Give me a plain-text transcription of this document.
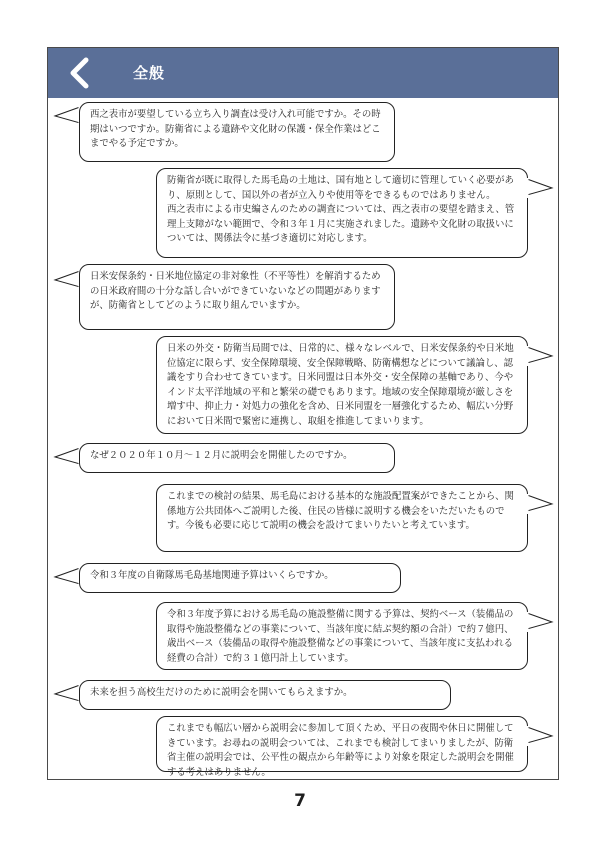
全般
西之表市が要望している立ち入り調査は受け入れ可能ですか。その時期はいつですか。防衛省による遺跡や文化財の保護・保全作業はどこまでやる予定ですか。
防衛省が既に取得した馬毛島の土地は、国有地として適切に管理していく必要があり、原則として、国以外の者が立入りや使用等をできるものではありません。
西之表市による市史編さんのための調査については、西之表市の要望を踏まえ、管理上支障がない範囲で、令和３年１月に実施されました。遺跡や文化財の取扱いについては、関係法令に基づき適切に対応します。
日米安保条約・日米地位協定の非対象性（不平等性）を解消するための日米政府間の十分な話し合いができていないなどの問題がありますが、防衛省としてどのように取り組んでいますか。
日米の外交・防衛当局間では、日常的に、様々なレベルで、日米安保条約や日米地位協定に限らず、安全保障環境、安全保障戦略、防衛構想などについて議論し、認識をすり合わせてきています。日米同盟は日本外交・安全保障の基軸であり、今やインド太平洋地域の平和と繁栄の礎でもあります。地域の安全保障環境が厳しさを増す中、抑止力・対処力の強化を含め、日米同盟を一層強化するため、幅広い分野において日米間で緊密に連携し、取組を推進してまいります。
なぜ２０２０年１０月～１２月に説明会を開催したのですか。
これまでの検討の結果、馬毛島における基本的な施設配置案ができたことから、関係地方公共団体へご説明した後、住民の皆様に説明する機会をいただいたものです。今後も必要に応じて説明の機会を設けてまいりたいと考えています。
令和３年度の自衛隊馬毛島基地関連予算はいくらですか。
令和３年度予算における馬毛島の施設整備に関する予算は、契約ベース（装備品の取得や施設整備などの事業について、当該年度に結ぶ契約額の合計）で約７億円、歳出ベース（装備品の取得や施設整備などの事業について、当該年度に支払われる経費の合計）で約３１億円計上しています。
未来を担う高校生だけのために説明会を開いてもらえますか。
これまでも幅広い層から説明会に参加して頂くため、平日の夜間や休日に開催してきています。お尋ねの説明会ついては、これまでも検討してまいりましたが、防衛省主催の説明会では、公平性の観点から年齢等により対象を限定した説明会を開催する考えはありません。
7
